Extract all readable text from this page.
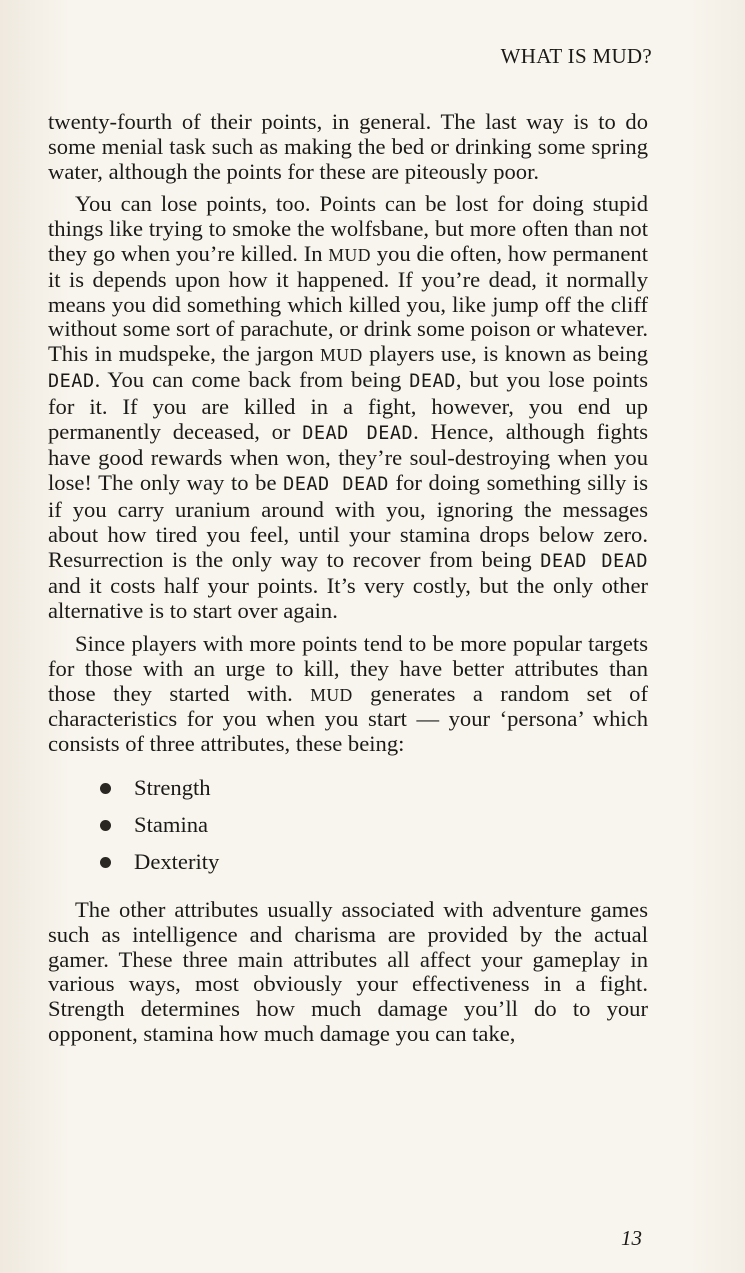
WHAT IS MUD?

twenty-fourth of their points, in general. The last way is to do some menial task such as making the bed or drinking some spring water, although the points for these are piteously poor.

You can lose points, too. Points can be lost for doing stupid things like trying to smoke the wolfsbane, but more often than not they go when you’re killed. In MUD you die often, how permanent it is depends upon how it happened. If you’re dead, it normally means you did something which killed you, like jump off the cliff without some sort of parachute, or drink some poison or whatever. This in mudspeke, the jargon MUD players use, is known as being DEAD. You can come back from being DEAD, but you lose points for it. If you are killed in a fight, however, you end up permanently deceased, or DEAD DEAD. Hence, although fights have good rewards when won, they’re soul-destroying when you lose! The only way to be DEAD DEAD for doing something silly is if you carry uranium around with you, ignoring the messages about how tired you feel, until your stamina drops below zero. Resurrection is the only way to recover from being DEAD DEAD and it costs half your points. It’s very costly, but the only other alternative is to start over again.

Since players with more points tend to be more popular targets for those with an urge to kill, they have better attributes than those they started with. MUD generates a random set of characteristics for you when you start — your ‘persona’ which consists of three attributes, these being:

Strength
Stamina
Dexterity

The other attributes usually associated with adventure games such as intelligence and charisma are provided by the actual gamer. These three main attributes all affect your gameplay in various ways, most obviously your effectiveness in a fight. Strength determines how much damage you’ll do to your opponent, stamina how much damage you can take,

13
